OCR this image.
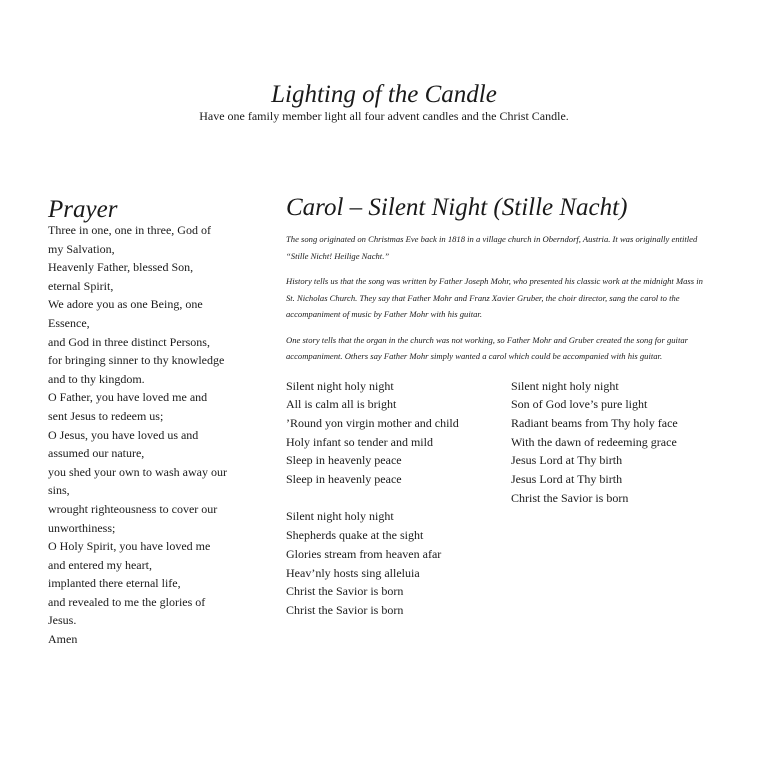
Lighting of the Candle
Have one family member light all four advent candles and the Christ Candle.
Prayer
Three in one, one in three, God of
my Salvation,
Heavenly Father, blessed Son,
eternal Spirit,
We adore you as one Being, one
Essence,
and God in three distinct Persons,
for bringing sinner to thy knowledge
and to thy kingdom.
O Father, you have loved me and
sent Jesus to redeem us;
O Jesus, you have loved us and
assumed our nature,
you shed your own to wash away our
sins,
wrought righteousness to cover our
unworthiness;
O Holy Spirit, you have loved me
and entered my heart,
implanted there eternal life,
and revealed to me the glories of
Jesus.
Amen
Carol – Silent Night (Stille Nacht)

The song originated on Christmas Eve back in 1818 in a village church in Oberndorf, Austria. It was originally entitled “Stille Nicht! Heilige Nacht.”

History tells us that the song was written by Father Joseph Mohr, who presented his classic work at the midnight Mass in St. Nicholas Church. They say that Father Mohr and Franz Xavier Gruber, the choir director, sang the carol to the accompaniment of music by Father Mohr with his guitar.

One story tells that the organ in the church was not working, so Father Mohr and Gruber created the song for guitar accompaniment. Others say Father Mohr simply wanted a carol which could be accompanied with his guitar.

Silent night holy night
All is calm all is bright
’Round yon virgin mother and child
Holy infant so tender and mild
Sleep in heavenly peace
Sleep in heavenly peace
Silent night holy night
Shepherds quake at the sight
Glories stream from heaven afar
Heav’nly hosts sing alleluia
Christ the Savior is born
Christ the Savior is born
Silent night holy night
Son of God love’s pure light
Radiant beams from Thy holy face
With the dawn of redeeming grace
Jesus Lord at Thy birth
Jesus Lord at Thy birth
Christ the Savior is born
